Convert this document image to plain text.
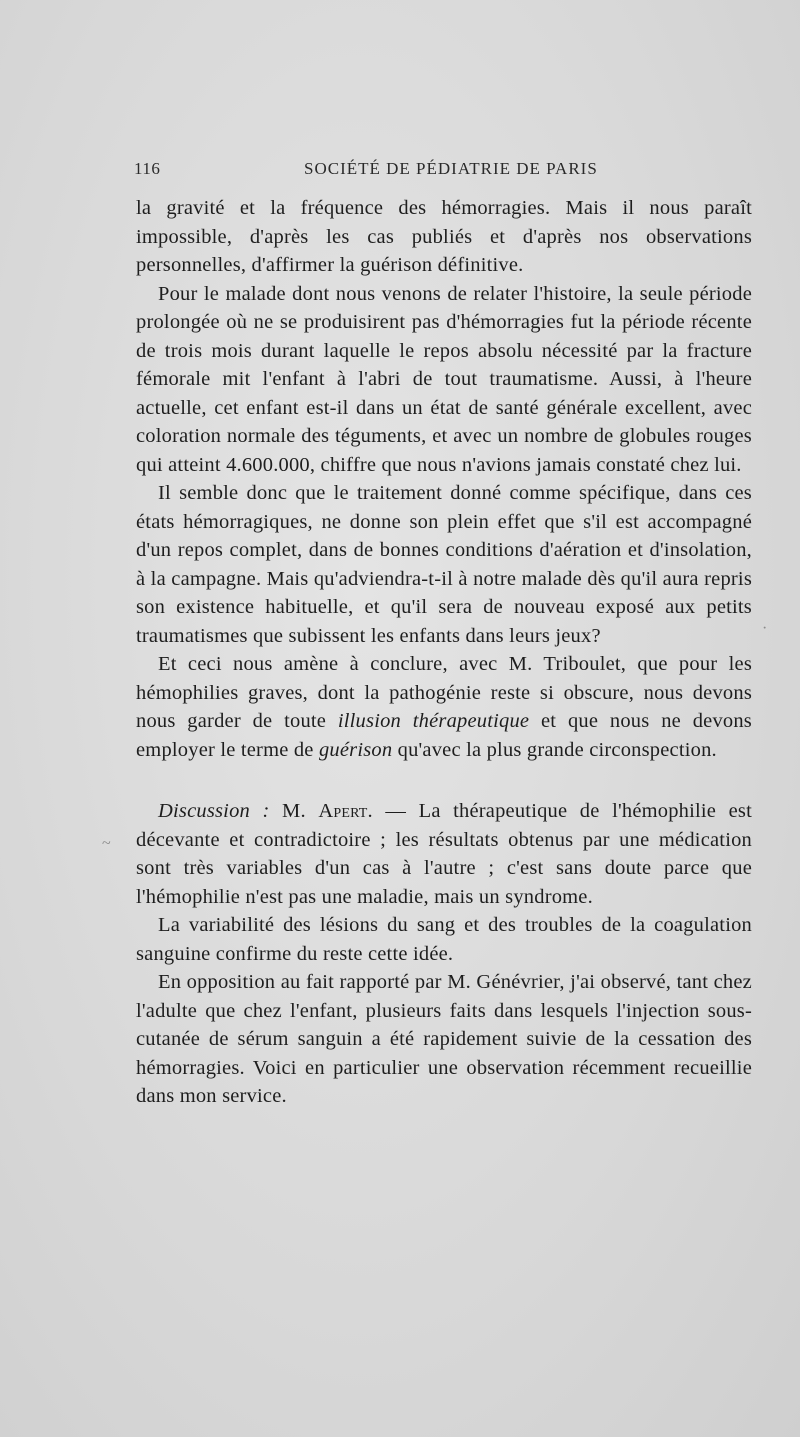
116	SOCIÉTÉ DE PÉDIATRIE DE PARIS

la gravité et la fréquence des hémorragies. Mais il nous paraît impossible, d'après les cas publiés et d'après nos observations personnelles, d'affirmer la guérison définitive.

Pour le malade dont nous venons de relater l'histoire, la seule période prolongée où ne se produisirent pas d'hémorragies fut la période récente de trois mois durant laquelle le repos absolu nécessité par la fracture fémorale mit l'enfant à l'abri de tout traumatisme. Aussi, à l'heure actuelle, cet enfant est-il dans un état de santé générale excellent, avec coloration normale des téguments, et avec un nombre de globules rouges qui atteint 4.600.000, chiffre que nous n'avions jamais constaté chez lui.

Il semble donc que le traitement donné comme spécifique, dans ces états hémorragiques, ne donne son plein effet que s'il est accompagné d'un repos complet, dans de bonnes conditions d'aération et d'insolation, à la campagne. Mais qu'adviendra-t-il à notre malade dès qu'il aura repris son existence habituelle, et qu'il sera de nouveau exposé aux petits traumatismes que subissent les enfants dans leurs jeux?

Et ceci nous amène à conclure, avec M. Triboulet, que pour les hémophilies graves, dont la pathogénie reste si obscure, nous devons nous garder de toute illusion thérapeutique et que nous ne devons employer le terme de guérison qu'avec la plus grande circonspection.

Discussion : M. Apert. — La thérapeutique de l'hémophilie est décevante et contradictoire ; les résultats obtenus par une médication sont très variables d'un cas à l'autre ; c'est sans doute parce que l'hémophilie n'est pas une maladie, mais un syndrome.

La variabilité des lésions du sang et des troubles de la coagulation sanguine confirme du reste cette idée.

En opposition au fait rapporté par M. Génévrier, j'ai observé, tant chez l'adulte que chez l'enfant, plusieurs faits dans lesquels l'injection sous-cutanée de sérum sanguin a été rapidement suivie de la cessation des hémorragies. Voici en particulier une observation récemment recueillie dans mon service.

~
·
